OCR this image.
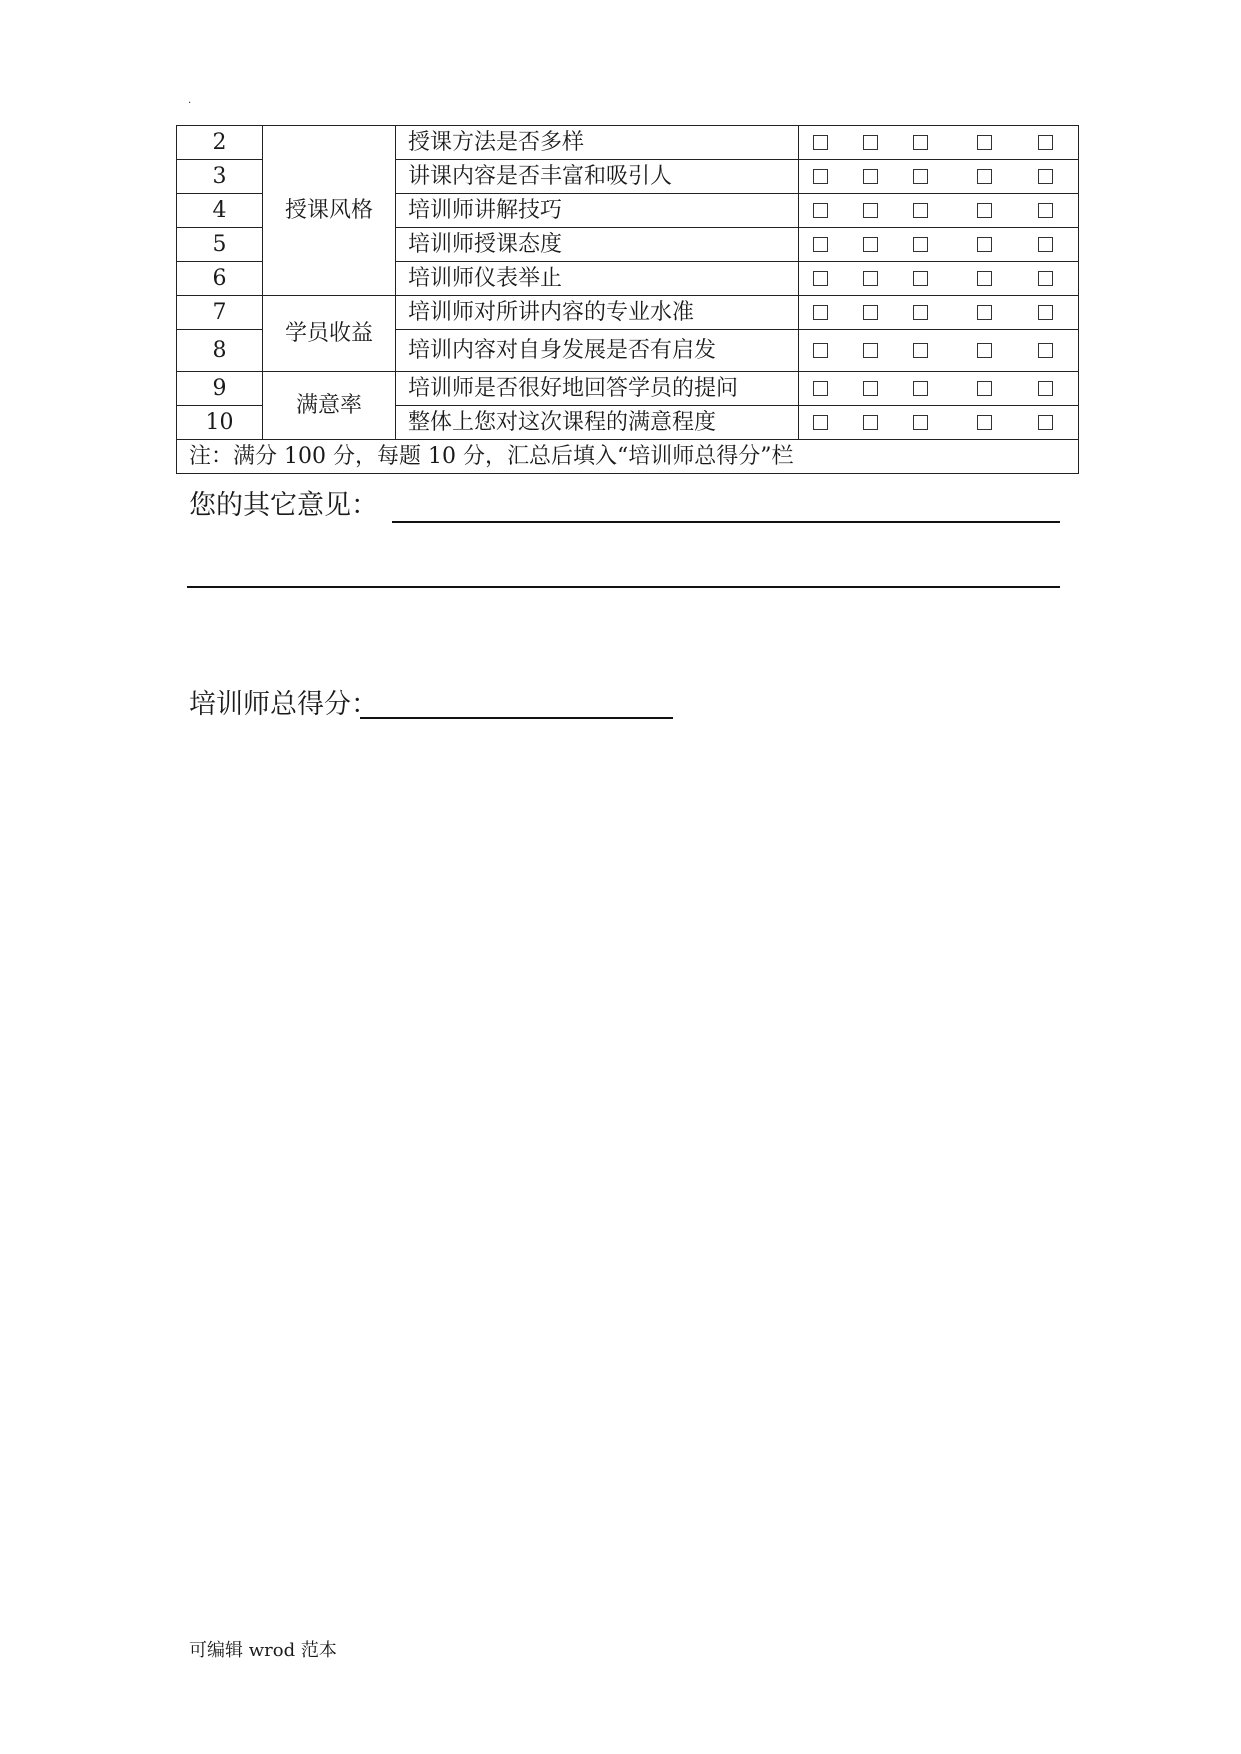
.
2	授课风格	授课方法是否多样	

3		讲课内容是否丰富和吸引人	

4		培训师讲解技巧	

5		培训师授课态度	

6		培训师仪表举止	

7	学员收益	培训师对所讲内容的专业水准	

8		培训内容对自身发展是否有启发	

9	满意率	培训师是否很好地回答学员的提问	

10		整体上您对这次课程的满意程度	

注：满分 100 分，每题 10 分，汇总后填入“培训师总得分”栏			
您的其它意见：
培训师总得分：
可编辑 wrod 范本
